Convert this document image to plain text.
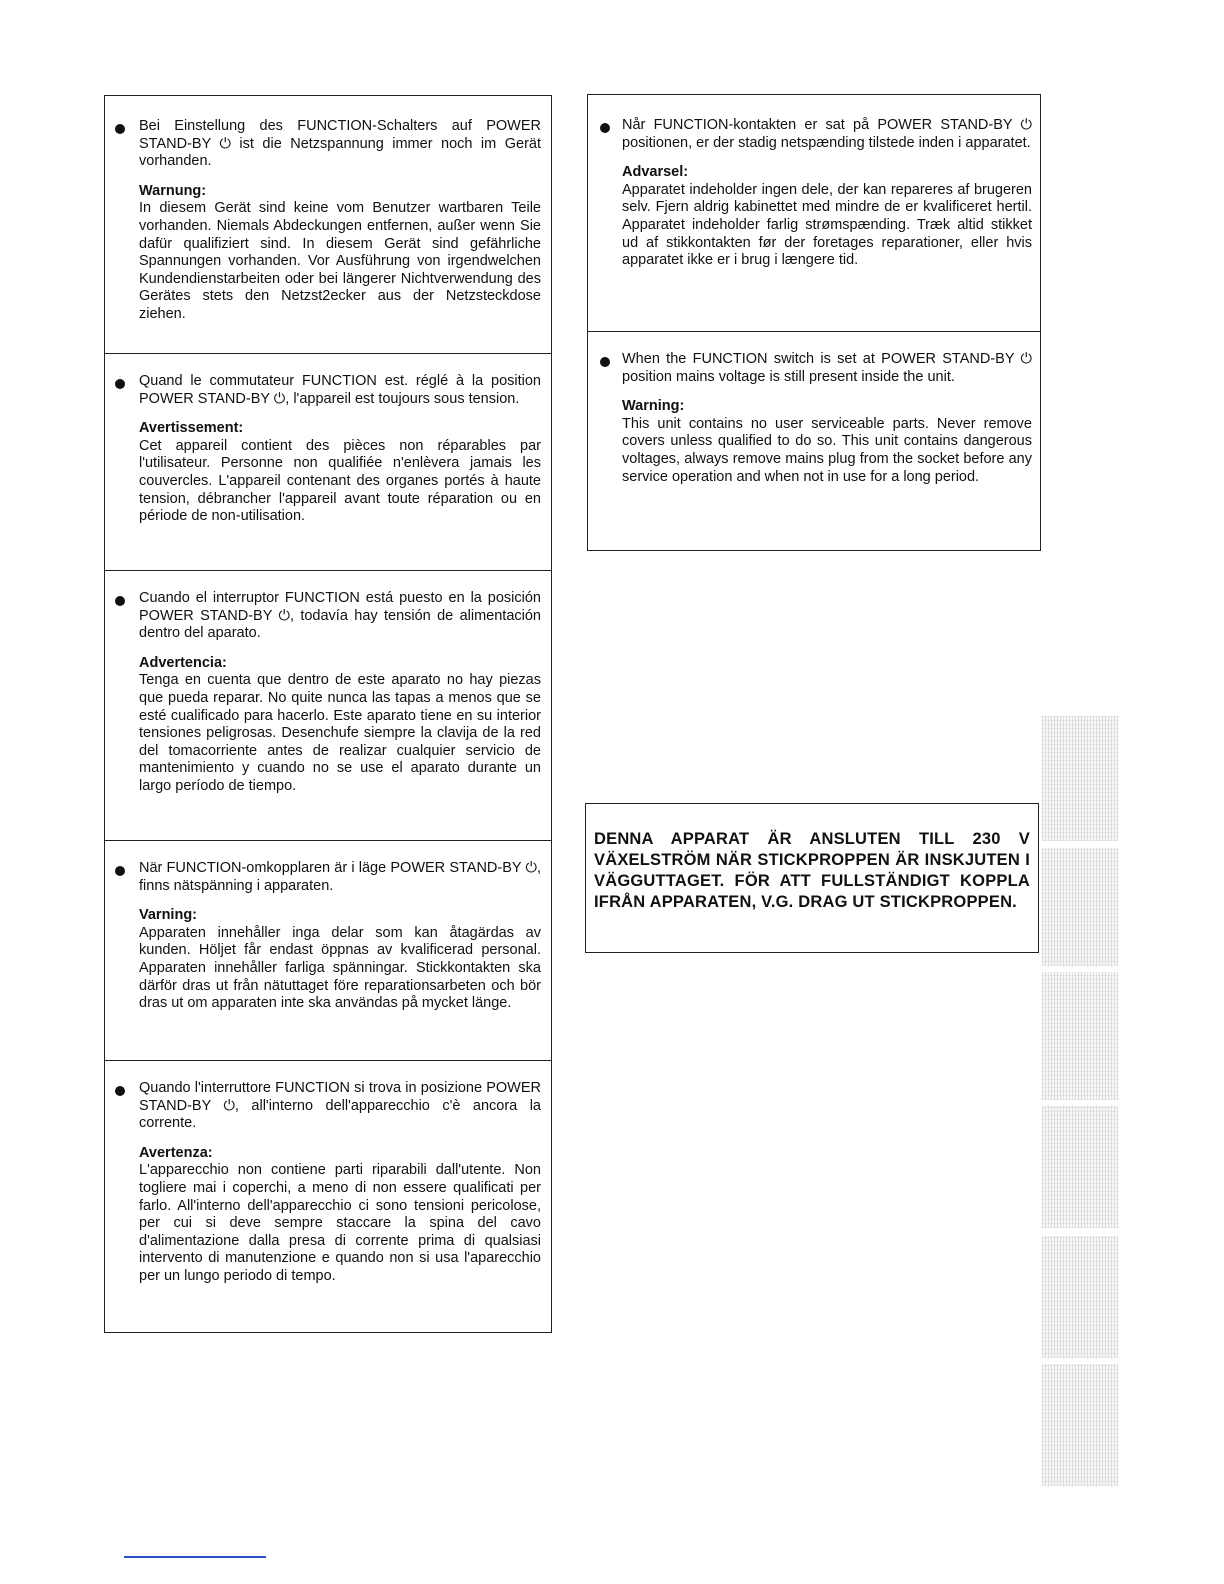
Bei Einstellung des FUNCTION-Schalters auf POWER STAND-BY ⏻ ist die Netzspannung immer noch im Gerät vorhanden.

Warnung:

In diesem Gerät sind keine vom Benutzer wartbaren Teile vorhanden. Niemals Abdeckungen entfernen, außer wenn Sie dafür qualifiziert sind. In diesem Gerät sind gefährliche Spannungen vorhanden. Vor Ausführung von irgendwelchen Kundendienstarbeiten oder bei längerer Nichtverwendung des Gerätes stets den Netzst2ecker aus der Netzsteckdose ziehen.

Quand le commutateur FUNCTION est. réglé à la position POWER STAND-BY ⏻, l'appareil est toujours sous tension.

Avertissement:

Cet appareil contient des pièces non réparables par l'utilisateur. Personne non qualifiée n'enlèvera jamais les couvercles. L'appareil contenant des organes portés à haute tension, débrancher l'appareil avant toute réparation ou en période de non-utilisation.

Cuando el interruptor FUNCTION está puesto en la posición POWER STAND-BY ⏻, todavía hay tensión de alimentación dentro del aparato.

Advertencia:

Tenga en cuenta que dentro de este aparato no hay piezas que pueda reparar. No quite nunca las tapas a menos que se esté cualificado para hacerlo. Este aparato tiene en su interior tensiones peligrosas. Desenchufe siempre la clavija de la red del tomacorriente antes de realizar cualquier servicio de mantenimiento y cuando no se use el aparato durante un largo período de tiempo.

När FUNCTION-omkopplaren är i läge POWER STAND-BY ⏻, finns nätspänning i apparaten.

Varning:

Apparaten innehåller inga delar som kan åtagärdas av kunden. Höljet får endast öppnas av kvalificerad personal. Apparaten innehåller farliga spänningar. Stickkontakten ska därför dras ut från nätuttaget före reparationsarbeten och bör dras ut om apparaten inte ska användas på mycket länge.

Quando l'interruttore FUNCTION si trova in posizione POWER STAND-BY ⏻, all'interno dell'apparecchio c'è ancora la corrente.

Avertenza:

L'apparecchio non contiene parti riparabili dall'utente. Non togliere mai i coperchi, a meno di non essere qualificati per farlo. All'interno dell'apparecchio ci sono tensioni pericolose, per cui si deve sempre staccare la spina del cavo d'alimentazione dalla presa di corrente prima di qualsiasi intervento di manutenzione e quando non si usa l'aparecchio per un lungo periodo di tempo.

Når FUNCTION-kontakten er sat på POWER STAND-BY ⏻ positionen, er der stadig netspænding tilstede inden i apparatet.

Advarsel:

Apparatet indeholder ingen dele, der kan repareres af brugeren selv. Fjern aldrig kabinettet med mindre de er kvalificeret hertil. Apparatet indeholder farlig strømspænding. Træk altid stikket ud af stikkontakten før der foretages reparationer, eller hvis apparatet ikke er i brug i længere tid.

When the FUNCTION switch is set at POWER STAND-BY ⏻ position mains voltage is still present inside the unit.

Warning:

This unit contains no user serviceable parts. Never remove covers unless qualified to do so. This unit contains dangerous voltages, always remove mains plug from the socket before any service operation and when not in use for a long period.

DENNA APPARAT ÄR ANSLUTEN TILL 230 V VÄXELSTRÖM NÄR STICKPROPPEN ÄR INSKJUTEN I VÄGGUTTAGET. FÖR ATT FULLSTÄNDIGT KOPPLA IFRÅN APPARATEN, V.G. DRAG UT STICKPROPPEN.
